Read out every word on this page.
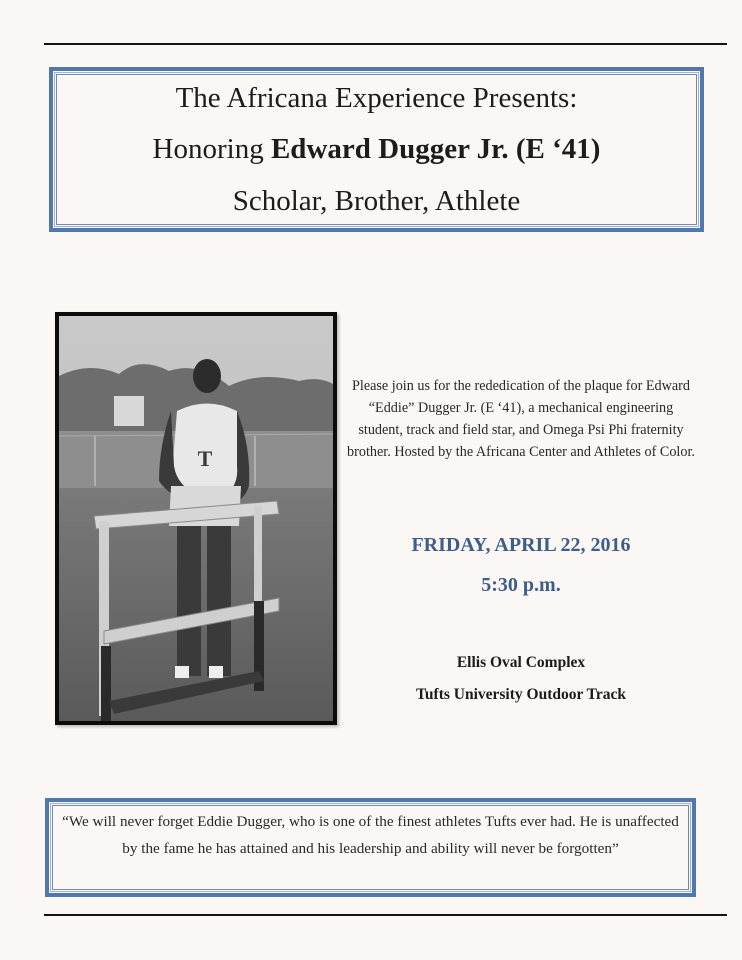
The Africana Experience Presents:
Honoring Edward Dugger Jr. (E ‘41)
Scholar, Brother, Athlete
T
Please join us for the rededication of the plaque for Edward “Eddie” Dugger Jr. (E ‘41), a mechanical engineering student, track and field star, and Omega Psi Phi fraternity brother. Hosted by the Africana Center and Athletes of Color.
FRIDAY, APRIL 22, 2016
5:30 p.m.
Ellis Oval Complex
Tufts University Outdoor Track
“We will never forget Eddie Dugger, who is one of the finest athletes Tufts ever had. He is unaffected by the fame he has attained and his leadership and ability will never be forgotten”
